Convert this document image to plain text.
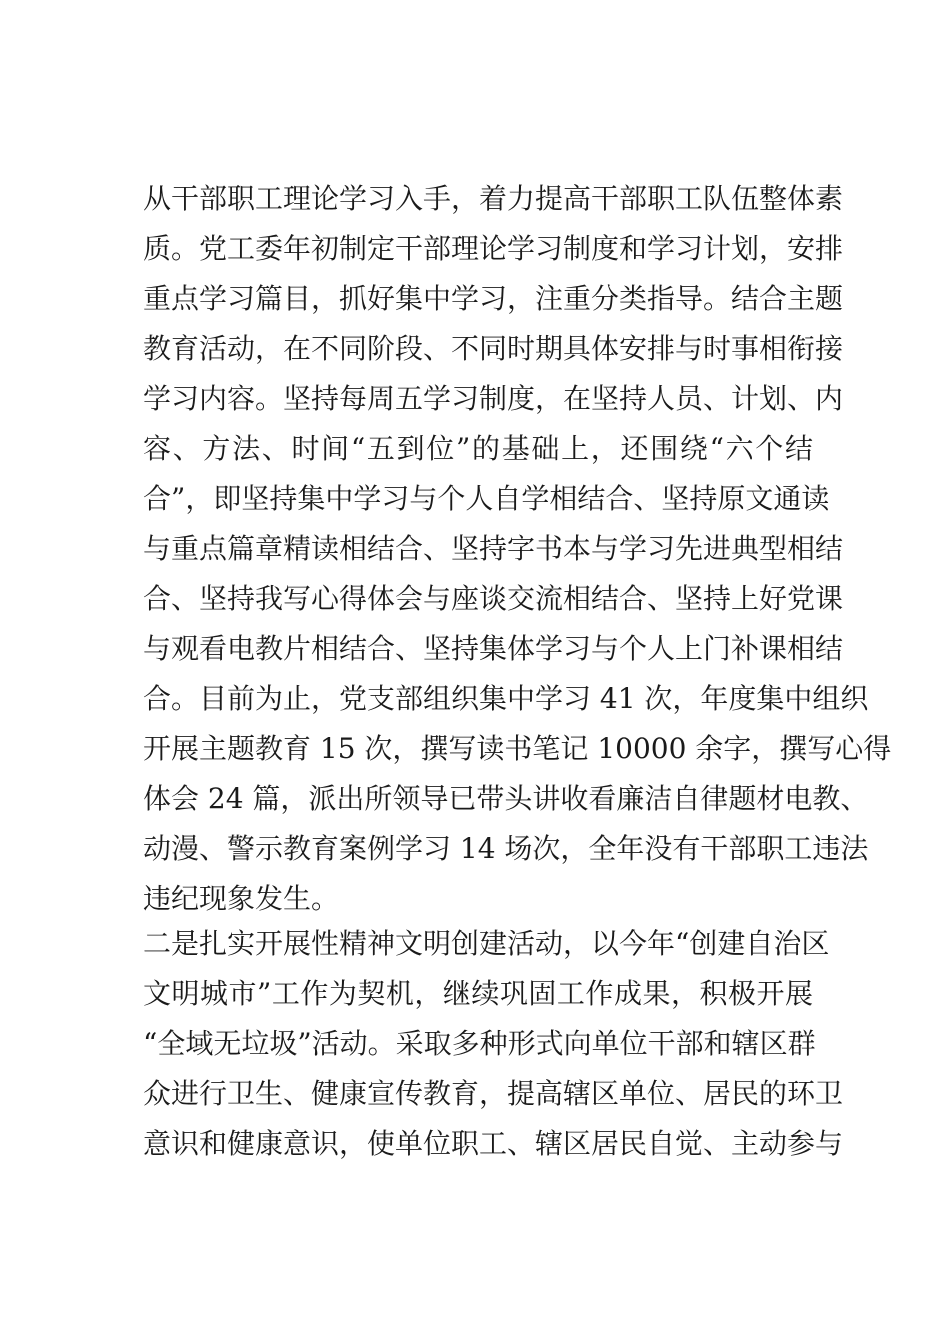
从干部职工理论学习入手，着力提高干部职工队伍整体素
质。党工委年初制定干部理论学习制度和学习计划，安排
重点学习篇目，抓好集中学习，注重分类指导。结合主题
教育活动，在不同阶段、不同时期具体安排与时事相衔接
学习内容。坚持每周五学习制度，在坚持人员、计划、内
容、方法、时间“五到位”的基础上，还围绕“六个结
合”，即坚持集中学习与个人自学相结合、坚持原文通读
与重点篇章精读相结合、坚持字书本与学习先进典型相结
合、坚持我写心得体会与座谈交流相结合、坚持上好党课
与观看电教片相结合、坚持集体学习与个人上门补课相结
合。目前为止，党支部组织集中学习 41 次，年度集中组织
开展主题教育 15 次，撰写读书笔记 10000 余字，撰写心得
体会 24 篇，派出所领导已带头讲收看廉洁自律题材电教、
动漫、警示教育案例学习 14 场次，全年没有干部职工违法
违纪现象发生。
二是扎实开展性精神文明创建活动，以今年“创建自治区
文明城市”工作为契机，继续巩固工作成果，积极开展
“全域无垃圾”活动。采取多种形式向单位干部和辖区群
众进行卫生、健康宣传教育，提高辖区单位、居民的环卫
意识和健康意识，使单位职工、辖区居民自觉、主动参与
